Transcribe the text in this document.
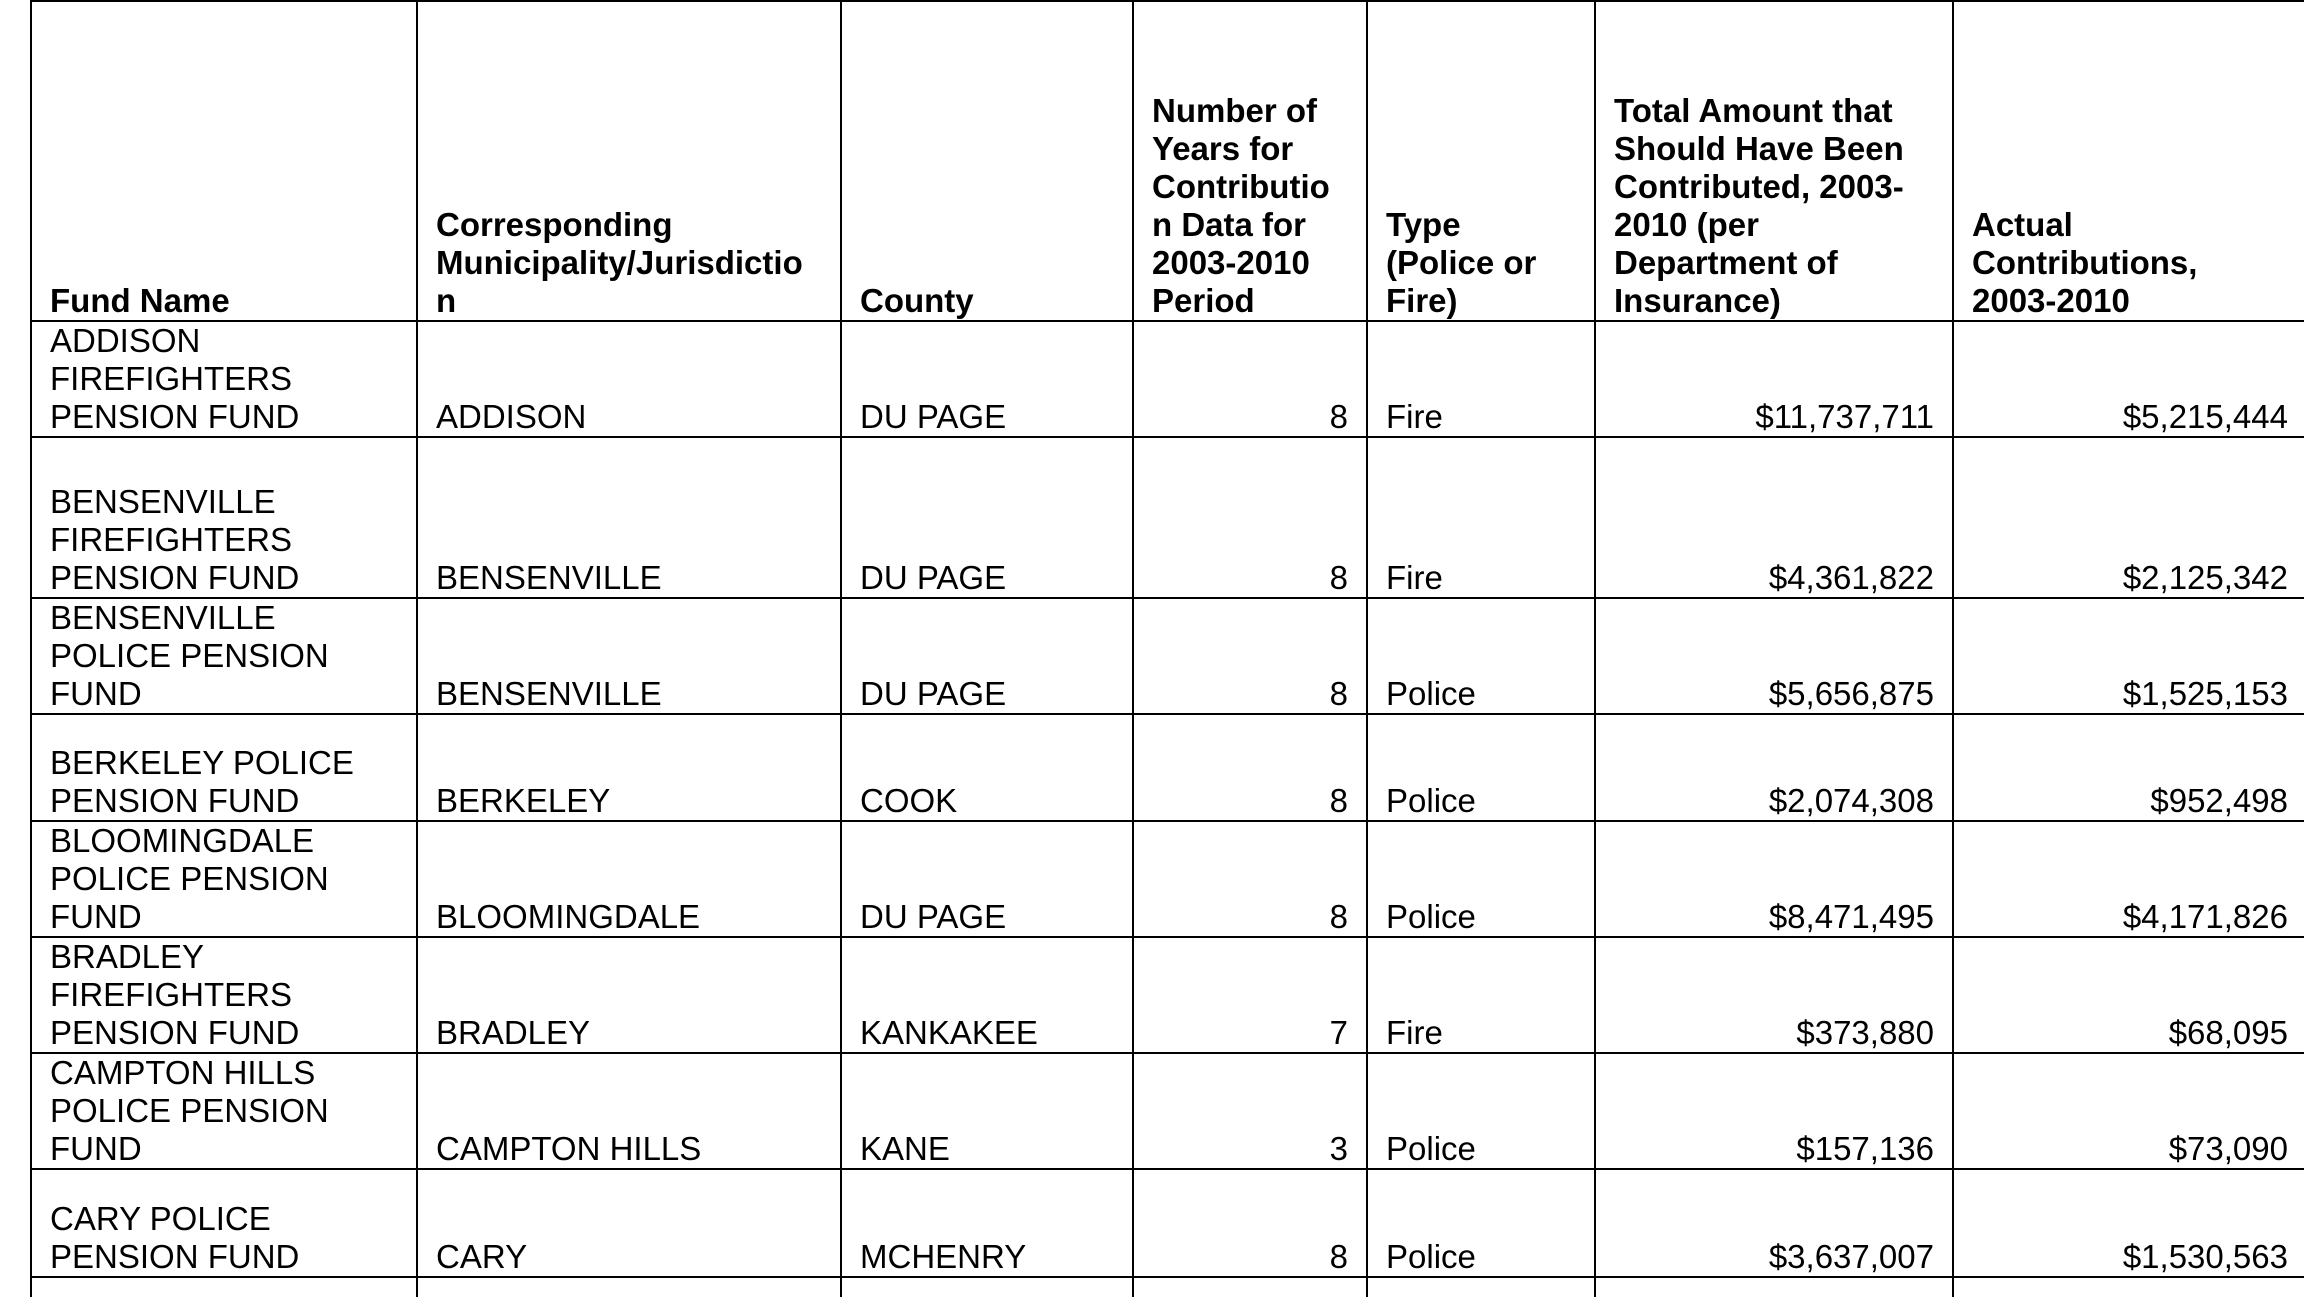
Fund Name	Corresponding Municipality/Jurisdiction	County	Number of Years for Contribution Data for 2003-2010 Period	Type (Police or Fire)	Total Amount that Should Have Been Contributed, 2003-2010 (per Department of Insurance)	Actual Contributions, 2003-2010
ADDISON FIREFIGHTERS PENSION FUND	ADDISON	DU PAGE	8	Fire	$11,737,711	$5,215,444
BENSENVILLE FIREFIGHTERS PENSION FUND	BENSENVILLE	DU PAGE	8	Fire	$4,361,822	$2,125,342
BENSENVILLE POLICE PENSION FUND	BENSENVILLE	DU PAGE	8	Police	$5,656,875	$1,525,153
BERKELEY POLICE PENSION FUND	BERKELEY	COOK	8	Police	$2,074,308	$952,498
BLOOMINGDALE POLICE PENSION FUND	BLOOMINGDALE	DU PAGE	8	Police	$8,471,495	$4,171,826
BRADLEY FIREFIGHTERS PENSION FUND	BRADLEY	KANKAKEE	7	Fire	$373,880	$68,095
CAMPTON HILLS POLICE PENSION FUND	CAMPTON HILLS	KANE	3	Police	$157,136	$73,090
CARY POLICE PENSION FUND	CARY	MCHENRY	8	Police	$3,637,007	$1,530,563
